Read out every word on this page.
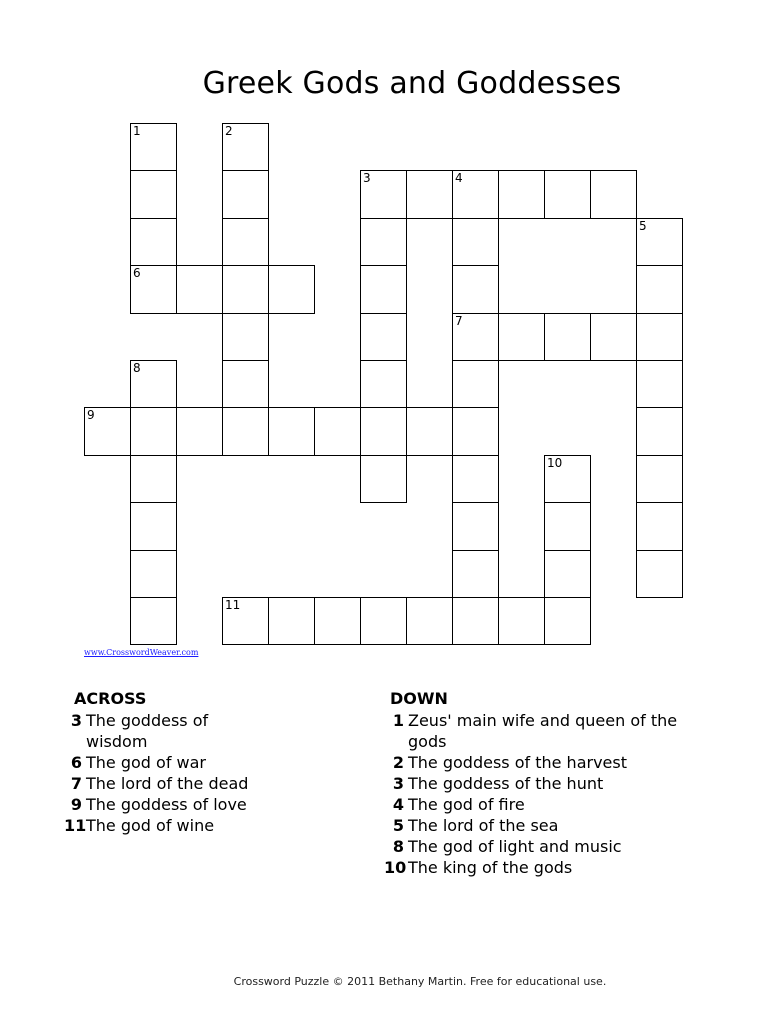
Greek Gods and Goddesses
1	2
3	4
5
6
7
8
9
10
11
www.CrosswordWeaver.com
ACROSS
3 The goddess of wisdom
6 The god of war
7 The lord of the dead
9 The goddess of love
11 The god of wine
DOWN
1 Zeus' main wife and queen of the gods
2 The goddess of the harvest
3 The goddess of the hunt
4 The god of fire
5 The lord of the sea
8 The god of light and music
10 The king of the gods
Crossword Puzzle © 2011 Bethany Martin. Free for educational use.
